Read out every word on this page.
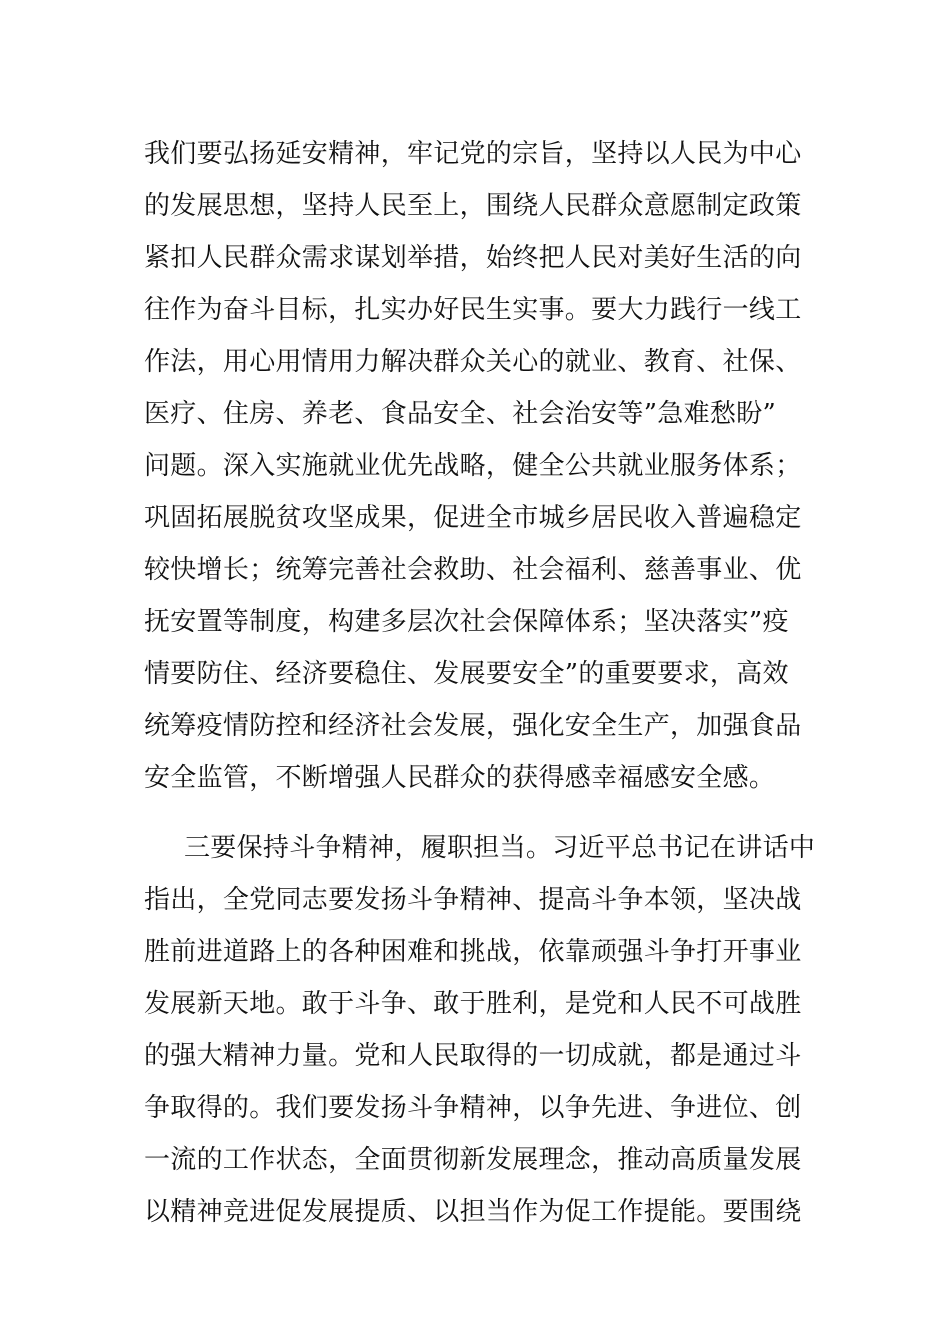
我们要弘扬延安精神，牢记党的宗旨，坚持以人民为中心
的发展思想，坚持人民至上，围绕人民群众意愿制定政策
紧扣人民群众需求谋划举措，始终把人民对美好生活的向
往作为奋斗目标，扎实办好民生实事。要大力践行一线工
作法，用心用情用力解决群众关心的就业、教育、社保、
医疗、住房、养老、食品安全、社会治安等”急难愁盼”
问题。深入实施就业优先战略，健全公共就业服务体系；
巩固拓展脱贫攻坚成果，促进全市城乡居民收入普遍稳定
较快增长；统筹完善社会救助、社会福利、慈善事业、优
抚安置等制度，构建多层次社会保障体系；坚决落实”疫
情要防住、经济要稳住、发展要安全”的重要要求，高效
统筹疫情防控和经济社会发展，强化安全生产，加强食品
安全监管，不断增强人民群众的获得感幸福感安全感。
三要保持斗争精神，履职担当。习近平总书记在讲话中
指出，全党同志要发扬斗争精神、提高斗争本领，坚决战
胜前进道路上的各种困难和挑战，依靠顽强斗争打开事业
发展新天地。敢于斗争、敢于胜利，是党和人民不可战胜
的强大精神力量。党和人民取得的一切成就，都是通过斗
争取得的。我们要发扬斗争精神，以争先进、争进位、创
一流的工作状态，全面贯彻新发展理念，推动高质量发展
以精神竞进促发展提质、以担当作为促工作提能。要围绕
